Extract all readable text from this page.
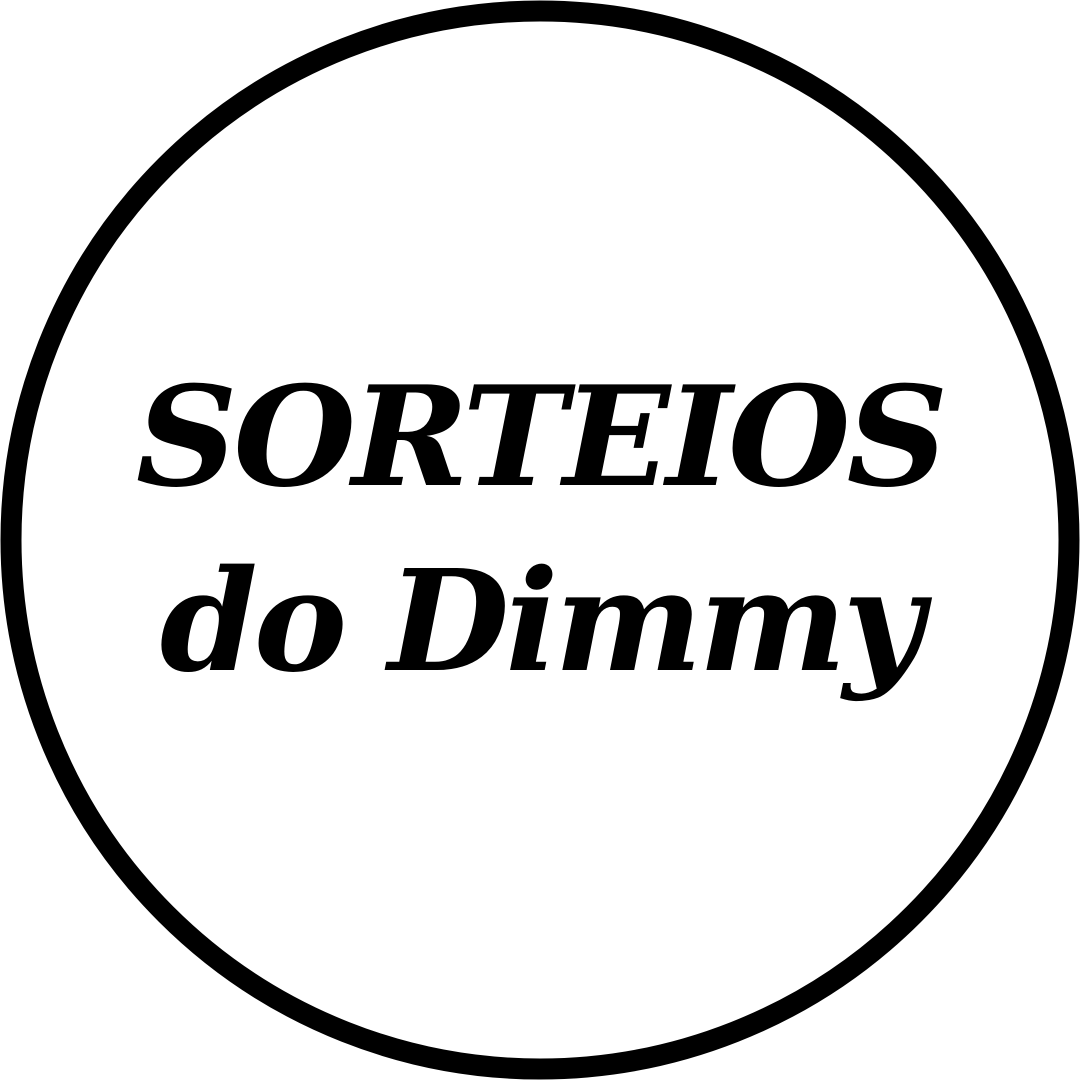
SORTEIOS
do Dimmy
